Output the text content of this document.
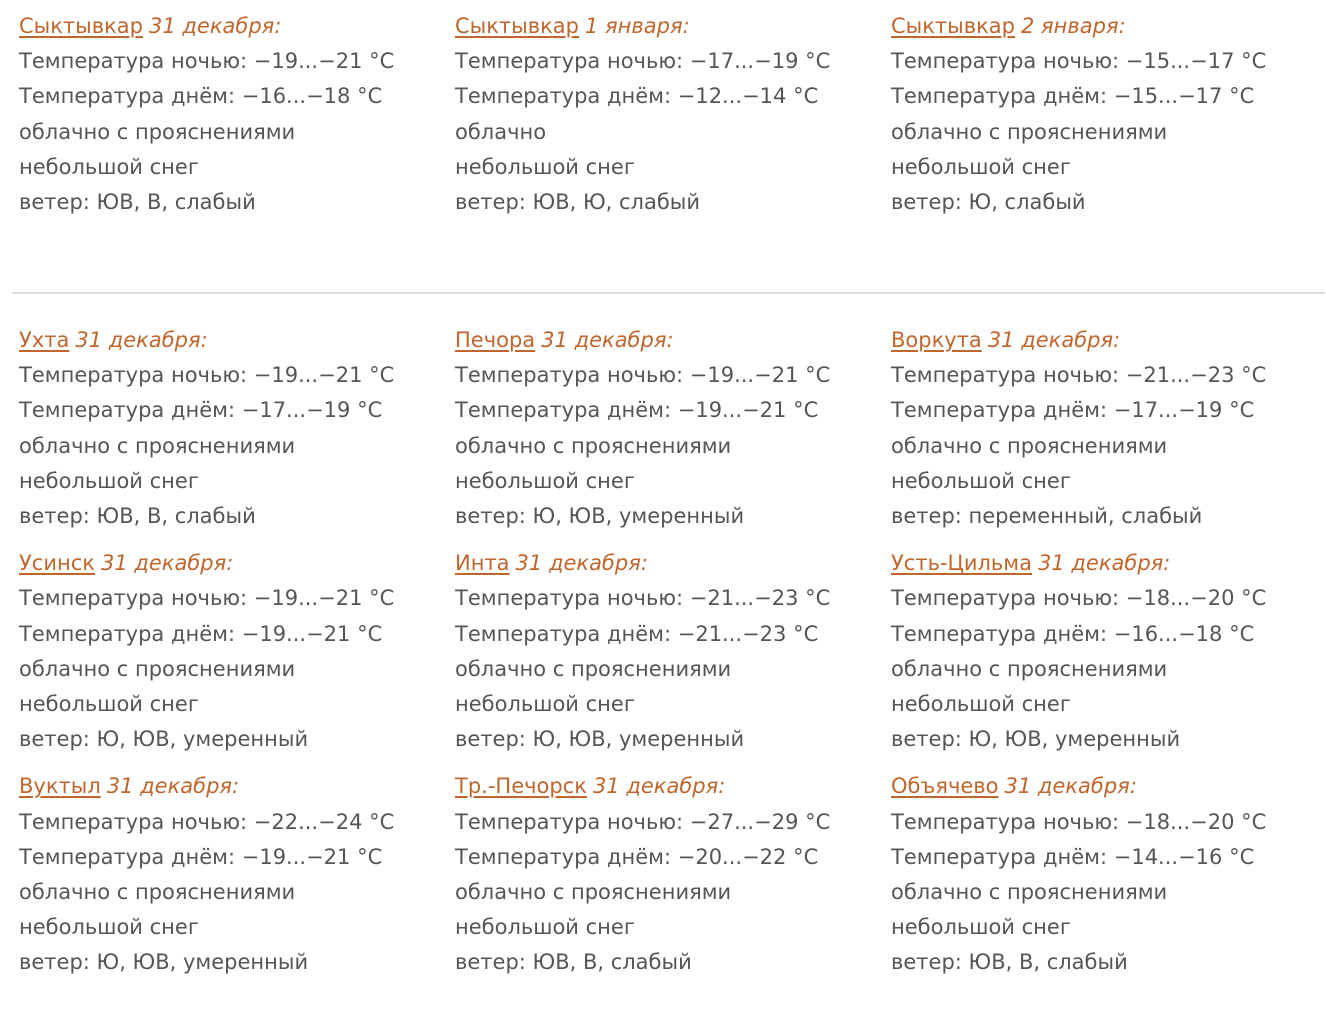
Сыктывкар 31 декабря:
Температура ночью: −19...−21 °C
Температура днём: −16...−18 °C
облачно с прояснениями
небольшой снег
ветер: ЮВ, В, слабый
Сыктывкар 1 января:
Температура ночью: −17...−19 °C
Температура днём: −12...−14 °C
облачно
небольшой снег
ветер: ЮВ, Ю, слабый
Сыктывкар 2 января:
Температура ночью: −15...−17 °C
Температура днём: −15...−17 °C
облачно с прояснениями
небольшой снег
ветер: Ю, слабый
Ухта 31 декабря:
Температура ночью: −19...−21 °C
Температура днём: −17...−19 °C
облачно с прояснениями
небольшой снег
ветер: ЮВ, В, слабый
Печора 31 декабря:
Температура ночью: −19...−21 °C
Температура днём: −19...−21 °C
облачно с прояснениями
небольшой снег
ветер: Ю, ЮВ, умеренный
Воркута 31 декабря:
Температура ночью: −21...−23 °C
Температура днём: −17...−19 °C
облачно с прояснениями
небольшой снег
ветер: переменный, слабый
Усинск 31 декабря:
Температура ночью: −19...−21 °C
Температура днём: −19...−21 °C
облачно с прояснениями
небольшой снег
ветер: Ю, ЮВ, умеренный
Инта 31 декабря:
Температура ночью: −21...−23 °C
Температура днём: −21...−23 °C
облачно с прояснениями
небольшой снег
ветер: Ю, ЮВ, умеренный
Усть-Цильма 31 декабря:
Температура ночью: −18...−20 °C
Температура днём: −16...−18 °C
облачно с прояснениями
небольшой снег
ветер: Ю, ЮВ, умеренный
Вуктыл 31 декабря:
Температура ночью: −22...−24 °C
Температура днём: −19...−21 °C
облачно с прояснениями
небольшой снег
ветер: Ю, ЮВ, умеренный
Тр.-Печорск 31 декабря:
Температура ночью: −27...−29 °C
Температура днём: −20...−22 °C
облачно с прояснениями
небольшой снег
ветер: ЮВ, В, слабый
Объячево 31 декабря:
Температура ночью: −18...−20 °C
Температура днём: −14...−16 °C
облачно с прояснениями
небольшой снег
ветер: ЮВ, В, слабый
